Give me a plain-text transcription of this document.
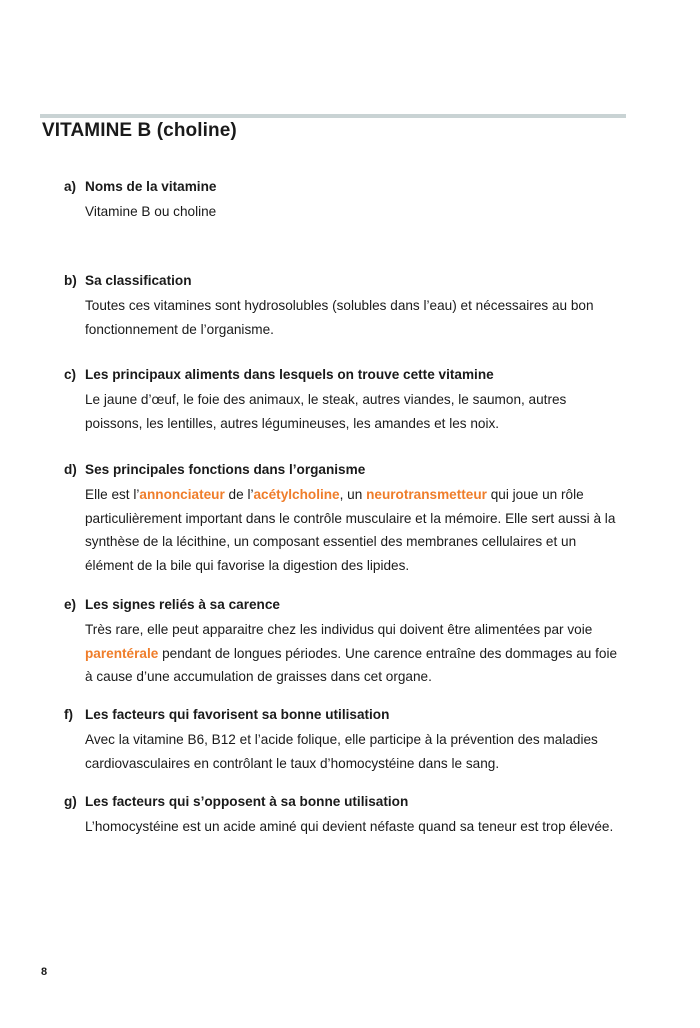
VITAMINE B (choline)

a) Noms de la vitamine

Vitamine B ou choline

b) Sa classification

Toutes ces vitamines sont hydrosolubles (solubles dans l’eau) et nécessaires au bon fonctionnement de l’organisme.

c) Les principaux aliments dans lesquels on trouve cette vitamine

Le jaune d’œuf, le foie des animaux, le steak, autres viandes, le saumon, autres poissons, les lentilles, autres légumineuses, les amandes et les noix.

d) Ses principales fonctions dans l’organisme

Elle est l’annonciateur de l’acétylcholine, un neurotransmetteur qui joue un rôle particulièrement important dans le contrôle musculaire et la mémoire. Elle sert aussi à la synthèse de la lécithine, un composant essentiel des membranes cellulaires et un élément de la bile qui favorise la digestion des lipides.

e) Les signes reliés à sa carence

Très rare, elle peut apparaitre chez les individus qui doivent être alimentées par voie parentérale pendant de longues périodes. Une carence entraîne des dommages au foie à cause d’une accumulation de graisses dans cet organe.

f) Les facteurs qui favorisent sa bonne utilisation

Avec la vitamine B6, B12 et l’acide folique, elle participe à la prévention des maladies cardiovasculaires en contrôlant le taux d’homocystéine dans le sang.

g) Les facteurs qui s’opposent à sa bonne utilisation

L’homocystéine est un acide aminé qui devient néfaste quand sa teneur est trop élevée.

8
